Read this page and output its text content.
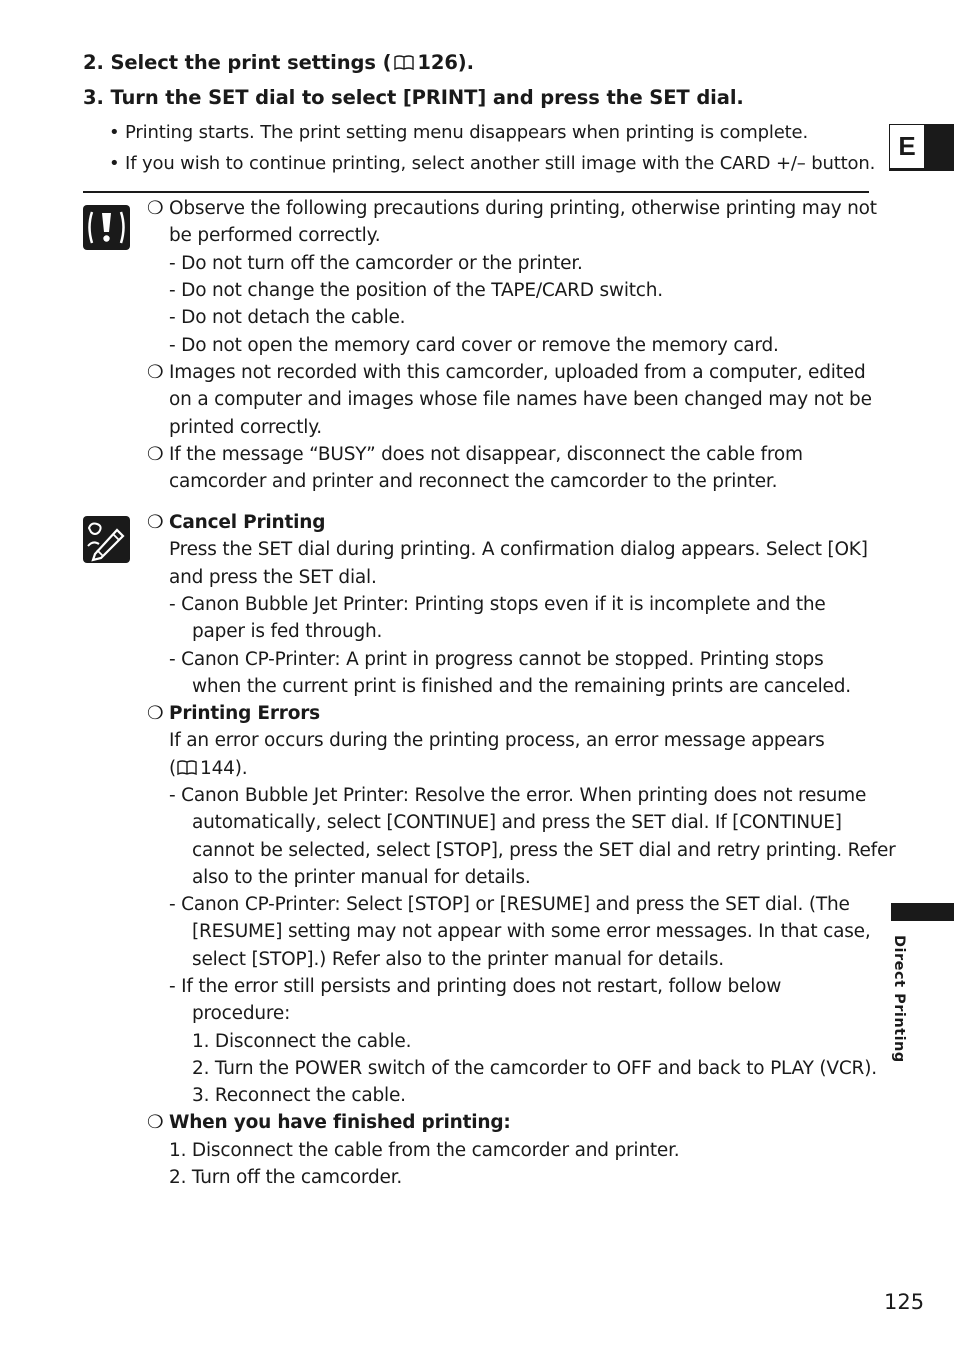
2. Select the print settings ( 126).
3. Turn the SET dial to select [PRINT] and press the SET dial.
• Printing starts. The print setting menu disappears when printing is complete.
• If you wish to continue printing, select another still image with the CARD +/– button.
❍ Observe the following precautions during printing, otherwise printing may not
be performed correctly.
- Do not turn off the camcorder or the printer.
- Do not change the position of the TAPE/CARD switch.
- Do not detach the cable.
- Do not open the memory card cover or remove the memory card.
❍ Images not recorded with this camcorder, uploaded from a computer, edited
on a computer and images whose file names have been changed may not be
printed correctly.
❍ If the message “BUSY” does not disappear, disconnect the cable from
camcorder and printer and reconnect the camcorder to the printer.
❍ Cancel Printing
Press the SET dial during printing. A confirmation dialog appears. Select [OK]
and press the SET dial.
- Canon Bubble Jet Printer: Printing stops even if it is incomplete and the
paper is fed through.
- Canon CP-Printer: A print in progress cannot be stopped. Printing stops
when the current print is finished and the remaining prints are canceled.
❍ Printing Errors
If an error occurs during the printing process, an error message appears
( 144).
- Canon Bubble Jet Printer: Resolve the error. When printing does not resume
automatically, select [CONTINUE] and press the SET dial. If [CONTINUE]
cannot be selected, select [STOP], press the SET dial and retry printing. Refer
also to the printer manual for details.
- Canon CP-Printer: Select [STOP] or [RESUME] and press the SET dial. (The
[RESUME] setting may not appear with some error messages. In that case,
select [STOP].) Refer also to the printer manual for details.
- If the error still persists and printing does not restart, follow below
procedure:
1. Disconnect the cable.
2. Turn the POWER switch of the camcorder to OFF and back to PLAY (VCR).
3. Reconnect the cable.
❍ When you have finished printing:
1. Disconnect the cable from the camcorder and printer.
2. Turn off the camcorder.
E
Direct Printing
125
